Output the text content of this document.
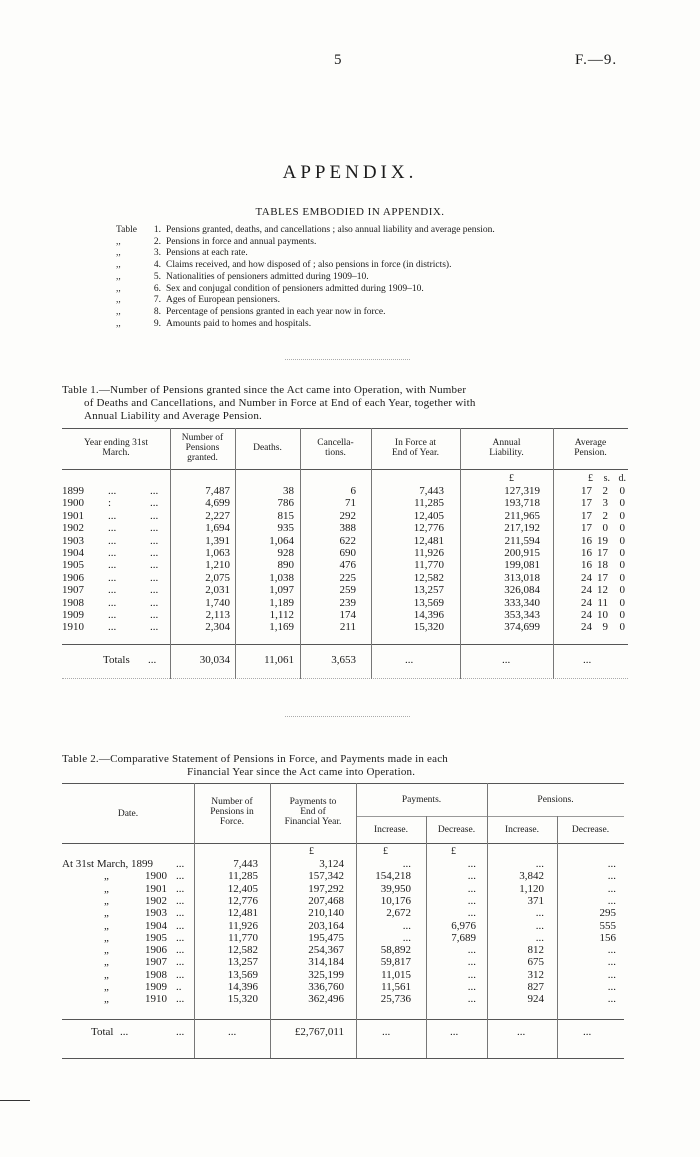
5	F.—9.
APPENDIX.
TABLES EMBODIED IN APPENDIX.
Table	1. Pensions granted, deaths, and cancellations ; also annual liability and average pension.
,,	2. Pensions in force and annual payments.
,,	3. Pensions at each rate.
,,	4. Claims received, and how disposed of ; also pensions in force (in districts).
,,	5. Nationalities of pensioners admitted during 1909–10.
,,	6. Sex and conjugal condition of pensioners admitted during 1909–10.
,,	7. Ages of European pensioners.
,,	8. Percentage of pensions granted in each year now in force.
,,	9. Amounts paid to homes and hospitals.
Table 1.—Number of Pensions granted since the Act came into Operation, with Number
of Deaths and Cancellations, and Number in Force at End of each Year, together with
Annual Liability and Average Pension.
Year ending 31st
March.
Number of
Pensions
granted.
Deaths.	Cancella-
tions.
In Force at
End of Year.
Annual
Liability.
Average
Pension.
£	£ s. d.
1899 ...	...	7,487	38	6	7,443	127,319	17 2 0
1900 :	...	4,699	786	71	11,285	193,718	17 3 0
1901 ...	...	2,227	815	292	12,405	211,965	17 2 0
1902 ...	...	1,694	935	388	12,776	217,192	17 0 0
1903 ...	...	1,391	1,064	622	12,481	211,594	16 19 0
1904 ...	...	1,063	928	690	11,926	200,915	16 17 0
1905 ...	...	1,210	890	476	11,770	199,081	16 18 0
1906 ...	...	2,075	1,038	225	12,582	313,018	24 17 0
1907 ...	...	2,031	1,097	259	13,257	326,084	24 12 0
1908 ...	...	1,740	1,189	239	13,569	333,340	24 11 0
1909 ...	...	2,113	1,112	174	14,396	353,343	24 10 0
1910 ...	...	2,304	1,169	211	15,320	374,699	24 9 0
Totals ...	30,034	11,061	3,653	...	...	...
Table 2.—Comparative Statement of Pensions in Force, and Payments made in each
Financial Year since the Act came into Operation.
Date.
Number of
Pensions in
Force.
Payments to
End of
Financial Year.
Payments.	Pensions.
Increase.	Decrease.	Increase.	Decrease.
£	£	£
At 31st March, 1899 ...	7,443	3,124	...	...	...	...
„	1900 ...	11,285	157,342	154,218	...	3,842	...
„	1901 ...	12,405	197,292	39,950	...	1,120	...
„	1902 ...	12,776	207,468	10,176	...	371	...
„	1903 ...	12,481	210,140	2,672	...	...	295
„	1904 ...	11,926	203,164	...	6,976	...	555
„	1905 ...	11,770	195,475	...	7,689	...	156
„	1906 ...	12,582	254,367	58,892	...	812	...
„	1907 ...	13,257	314,184	59,817	...	675	...
„	1908 ...	13,569	325,199	11,015	...	312	...
„	1909 ..	14,396	336,760	11,561	...	827	...
„	1910 ...	15,320	362,496	25,736	...	924	...
Total ...	...	...	£2,767,011	...	...	...	...
